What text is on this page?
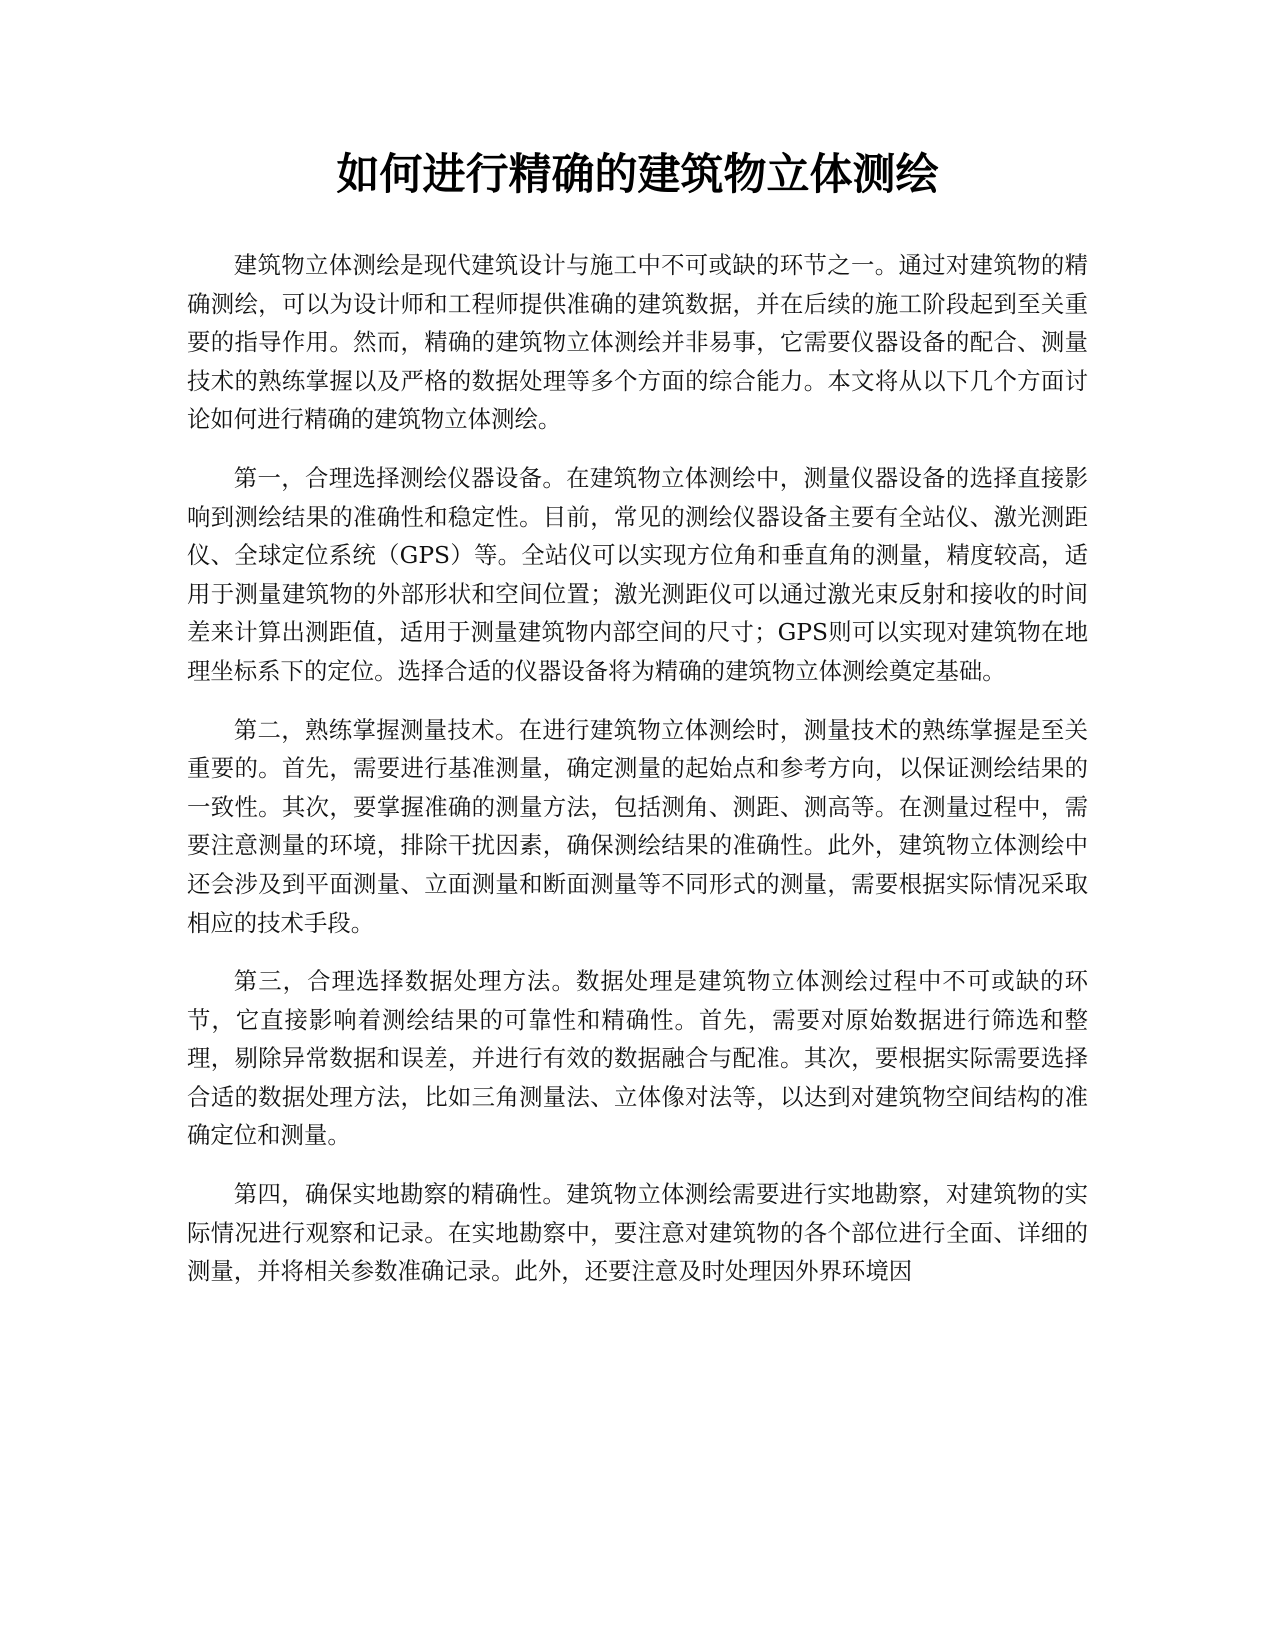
如何进行精确的建筑物立体测绘

建筑物立体测绘是现代建筑设计与施工中不可或缺的环节之一。通过对建筑物的精确测绘，可以为设计师和工程师提供准确的建筑数据，并在后续的施工阶段起到至关重要的指导作用。然而，精确的建筑物立体测绘并非易事，它需要仪器设备的配合、测量技术的熟练掌握以及严格的数据处理等多个方面的综合能力。本文将从以下几个方面讨论如何进行精确的建筑物立体测绘。

第一，合理选择测绘仪器设备。在建筑物立体测绘中，测量仪器设备的选择直接影响到测绘结果的准确性和稳定性。目前，常见的测绘仪器设备主要有全站仪、激光测距仪、全球定位系统（GPS）等。全站仪可以实现方位角和垂直角的测量，精度较高，适用于测量建筑物的外部形状和空间位置；激光测距仪可以通过激光束反射和接收的时间差来计算出测距值，适用于测量建筑物内部空间的尺寸；GPS则可以实现对建筑物在地理坐标系下的定位。选择合适的仪器设备将为精确的建筑物立体测绘奠定基础。

第二，熟练掌握测量技术。在进行建筑物立体测绘时，测量技术的熟练掌握是至关重要的。首先，需要进行基准测量，确定测量的起始点和参考方向，以保证测绘结果的一致性。其次，要掌握准确的测量方法，包括测角、测距、测高等。在测量过程中，需要注意测量的环境，排除干扰因素，确保测绘结果的准确性。此外，建筑物立体测绘中还会涉及到平面测量、立面测量和断面测量等不同形式的测量，需要根据实际情况采取相应的技术手段。

第三，合理选择数据处理方法。数据处理是建筑物立体测绘过程中不可或缺的环节，它直接影响着测绘结果的可靠性和精确性。首先，需要对原始数据进行筛选和整理，剔除异常数据和误差，并进行有效的数据融合与配准。其次，要根据实际需要选择合适的数据处理方法，比如三角测量法、立体像对法等，以达到对建筑物空间结构的准确定位和测量。

第四，确保实地勘察的精确性。建筑物立体测绘需要进行实地勘察，对建筑物的实际情况进行观察和记录。在实地勘察中，要注意对建筑物的各个部位进行全面、详细的测量，并将相关参数准确记录。此外，还要注意及时处理因外界环境因
